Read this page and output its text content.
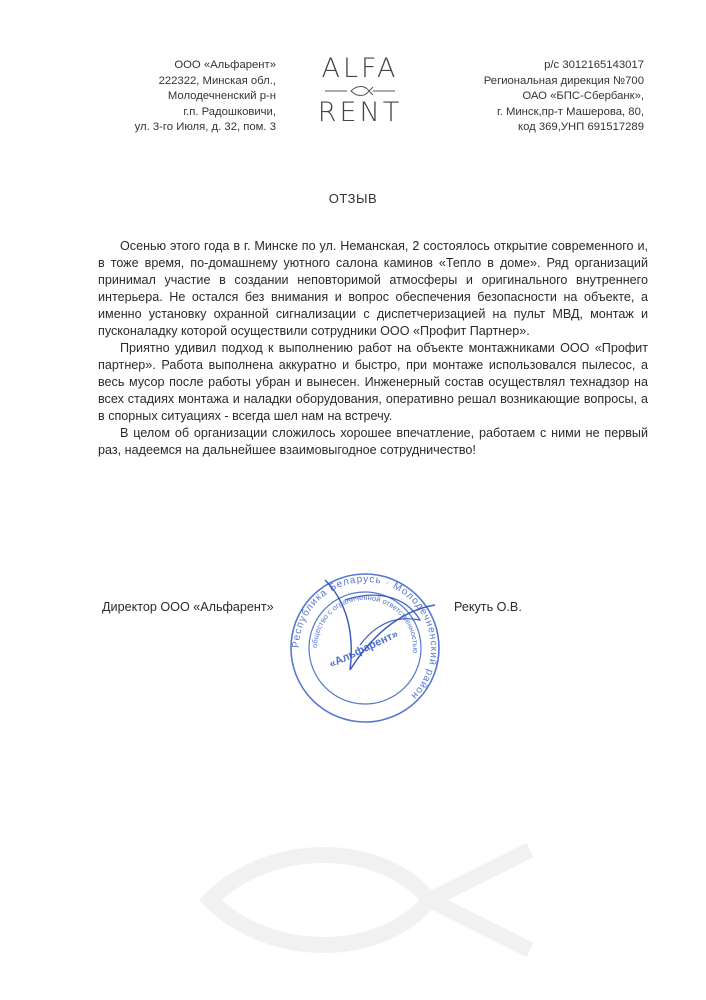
ООО «Альфарент»
222322, Минская обл.,
Молодечненский р-н
г.п. Радошковичи,
ул. 3-го Июля, д. 32, пом. 3
ALFA
RENT
р/с 3012165143017
Региональная дирекция №700
ОАО «БПС-Сбербанк»,
г. Минск,пр-т Машерова, 80,
код 369,УНП 691517289
ОТЗЫВ

Осенью этого года в г. Минске по ул. Неманская, 2 состоялось открытие современного и, в тоже время, по-домашнему уютного салона каминов «Тепло в доме». Ряд организаций принимал участие в создании неповторимой атмосферы и оригинального внутреннего интерьера. Не остался без внимания и вопрос обеспечения безопасности на объекте, а именно установку охранной сигнализации с диспетчеризацией на пульт МВД, монтаж и пусконаладку которой осуществили сотрудники ООО «Профит Партнер».

Приятно удивил подход к выполнению работ на объекте монтажниками ООО «Профит партнер». Работа выполнена аккуратно и быстро, при монтаже использовался пылесос, а весь мусор после работы убран и вынесен. Инженерный состав осуществлял технадзор на всех стадиях монтажа и наладки оборудования, оперативно решал возникающие вопросы, а в спорных ситуациях - всегда шел нам на встречу.

В целом об организации сложилось хорошее впечатление, работаем с ними не первый раз, надеемся на дальнейшее взаимовыгодное сотрудничество!

Республика Беларусь · Молодечненский район
общество с ограниченной ответственностью
«Альфарент»
Директор ООО «Альфарент»	Рекуть О.В.
